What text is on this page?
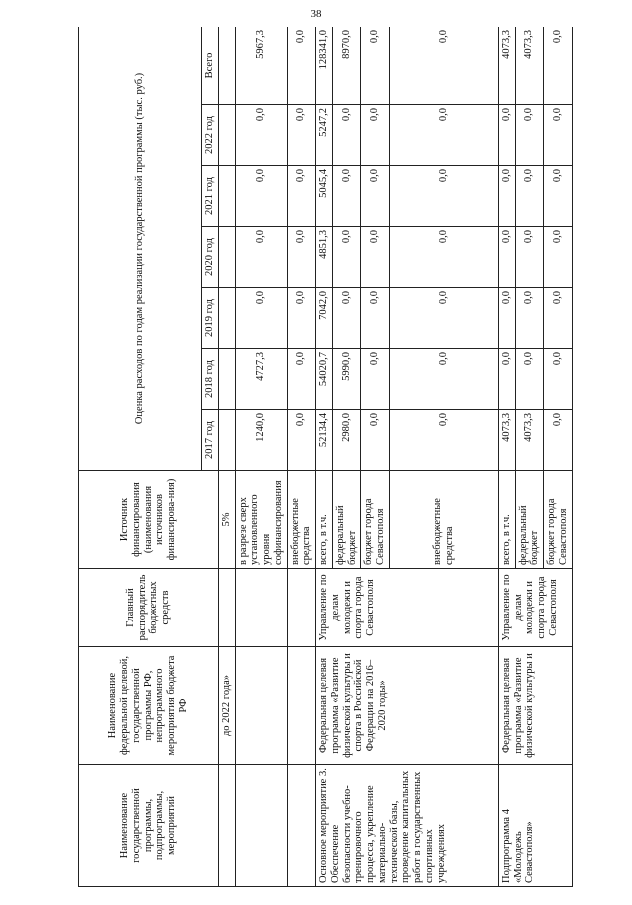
38
Наименование государственной программы, подпрограммы, мероприятий	Наименование федеральной целевой, государственной программы РФ, непрограммного мероприятия бюджета РФ	Главный распорядитель бюджетных средств	Источник финансирования (наименования источников финансирова-ния)	Оценка расходов по годам реализации государственной программы (тыс. руб.)						
				2017 год	2018 год	2019 год	2020 год	2021 год	2022 год	Всего
	до 2022 года»		5%							
			в разрезе сверх установленного уровня софинансирования	1240,0	4727,3	0,0	0,0	0,0	0,0	5967,3
			внебюджетные средства	0,0	0,0	0,0	0,0	0,0	0,0	0,0
Основное мероприятие 3. Обеспечение безопасности учебно-тренировочного процесса, укрепление материально-технической базы, проведение капитальных работ в государственных спортивных учреждениях	Федеральная целевая программа «Развитие физической культуры и спорта в Российской Федерации на 2016–2020 годы»	Управление по делам молодежи и спорта города Севастополя	всего, в т.ч.	52134,4	54020,7	7042,0	4851,3	5045,4	5247,2	128341,0
			федеральный бюджет	2980,0	5990,0	0,0	0,0	0,0	0,0	8970,0
			бюджет города Севастополя	0,0	0,0	0,0	0,0	0,0	0,0	0,0
			внебюджетные средства	0,0	0,0	0,0	0,0	0,0	0,0	0,0
Подпрограмма 4 «Молодежь Севастополя»	Федеральная целевая программа «Развитие физической культуры и	Управление по делам молодежи и спорта города Севастополя	всего, в т.ч.	4073,3	0,0	0,0	0,0	0,0	0,0	4073,3
			федеральный бюджет	4073,3	0,0	0,0	0,0	0,0	0,0	4073,3
			бюджет города Севастополя	0,0	0,0	0,0	0,0	0,0	0,0	0,0
